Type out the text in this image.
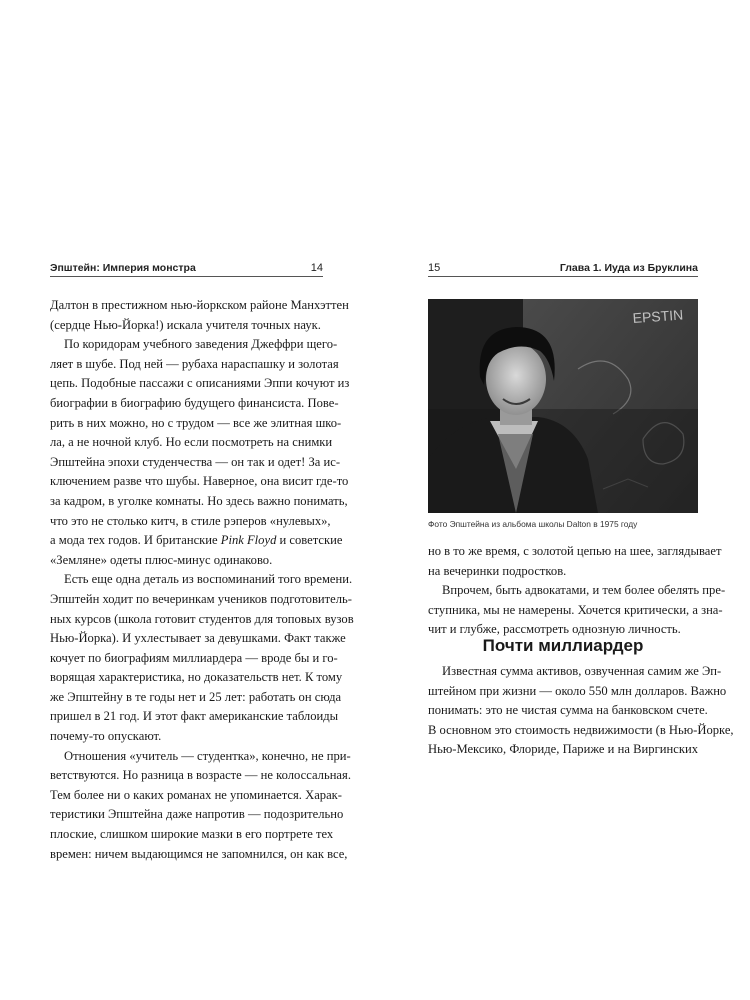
Эпштейн: Империя монстра	14
Далтон в престижном нью-йоркском районе Манхэттен
(сердце Нью-Йорка!) искала учителя точных наук.
По коридорам учебного заведения Джеффри щего-
ляет в шубе. Под ней — рубаха нараспашку и золотая
цепь. Подобные пассажи с описаниями Эппи кочуют из
биографии в биографию будущего финансиста. Пове-
рить в них можно, но с трудом — все же элитная шко-
ла, а не ночной клуб. Но если посмотреть на снимки
Эпштейна эпохи студенчества — он так и одет! За ис-
ключением разве что шубы. Наверное, она висит где-то
за кадром, в уголке комнаты. Но здесь важно понимать,
что это не столько китч, в стиле рэперов «нулевых»,
а мода тех годов. И британские Pink Floyd и советские
«Земляне» одеты плюс-минус одинаково.
Есть еще одна деталь из воспоминаний того времени.
Эпштейн ходит по вечеринкам учеников подготовитель-
ных курсов (школа готовит студентов для топовых вузов
Нью-Йорка). И ухлестывает за девушками. Факт также
кочует по биографиям миллиардера — вроде бы и го-
ворящая характеристика, но доказательств нет. К тому
же Эпштейну в те годы нет и 25 лет: работать он сюда
пришел в 21 год. И этот факт американские таблоиды
почему-то опускают.
Отношения «учитель — студентка», конечно, не при-
ветствуются. Но разница в возрасте — не колоссальная.
Тем более ни о каких романах не упоминается. Харак-
теристики Эпштейна даже напротив — подозрительно
плоские, слишком широкие мазки в его портрете тех
времен: ничем выдающимся не запомнился, он как все,
15	Глава 1. Иуда из Бруклина
EPSTIN
Фото Эпштейна из альбома школы Dalton в 1975 году
но в то же время, с золотой цепью на шее, заглядывает
на вечеринки подростков.
Впрочем, быть адвокатами, и тем более обелять пре-
ступника, мы не намерены. Хочется критически, а зна-
чит и глубже, рассмотреть однозную личность.
Почти миллиардер
Известная сумма активов, озвученная самим же Эп-
штейном при жизни — около 550 млн долларов. Важно
понимать: это не чистая сумма на банковском счете.
В основном это стоимость недвижимости (в Нью-Йорке,
Нью-Мексико, Флориде, Париже и на Виргинских
